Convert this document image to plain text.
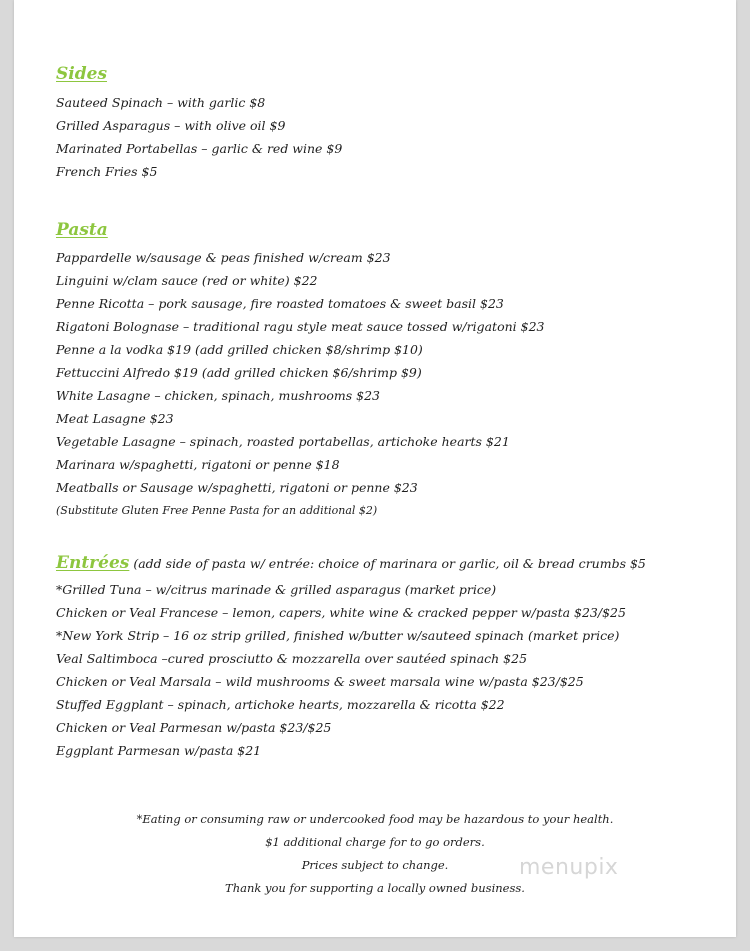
Sides
Sauteed Spinach – with garlic $8
Grilled Asparagus – with olive oil $9
Marinated Portabellas – garlic & red wine $9
French Fries $5
Pasta
Pappardelle w/sausage & peas finished w/cream $23
Linguini w/clam sauce (red or white) $22
Penne Ricotta – pork sausage, fire roasted tomatoes & sweet basil $23
Rigatoni Bolognase – traditional ragu style meat sauce tossed w/rigatoni $23
Penne a la vodka $19 (add grilled chicken $8/shrimp $10)
Fettuccini Alfredo $19 (add grilled chicken $6/shrimp $9)
White Lasagne – chicken, spinach, mushrooms $23
Meat Lasagne $23
Vegetable Lasagne – spinach, roasted portabellas, artichoke hearts $21
Marinara w/spaghetti, rigatoni or penne $18
Meatballs or Sausage w/spaghetti, rigatoni or penne $23
(Substitute Gluten Free Penne Pasta for an additional $2)
Entrées (add side of pasta w/ entrée: choice of marinara or garlic, oil & bread crumbs $5
*Grilled Tuna – w/citrus marinade & grilled asparagus (market price)
Chicken or Veal Francese – lemon, capers, white wine & cracked pepper w/pasta $23/$25
*New York Strip – 16 oz strip grilled, finished w/butter w/sauteed spinach (market price)
Veal Saltimboca –cured prosciutto & mozzarella over sautéed spinach $25
Chicken or Veal Marsala – wild mushrooms & sweet marsala wine w/pasta $23/$25
Stuffed Eggplant – spinach, artichoke hearts, mozzarella & ricotta $22
Chicken or Veal Parmesan w/pasta $23/$25
Eggplant Parmesan w/pasta $21
*Eating or consuming raw or undercooked food may be hazardous to your health.
$1 additional charge for to go orders.
Prices subject to change.
Thank you for supporting a locally owned business.
menupix
